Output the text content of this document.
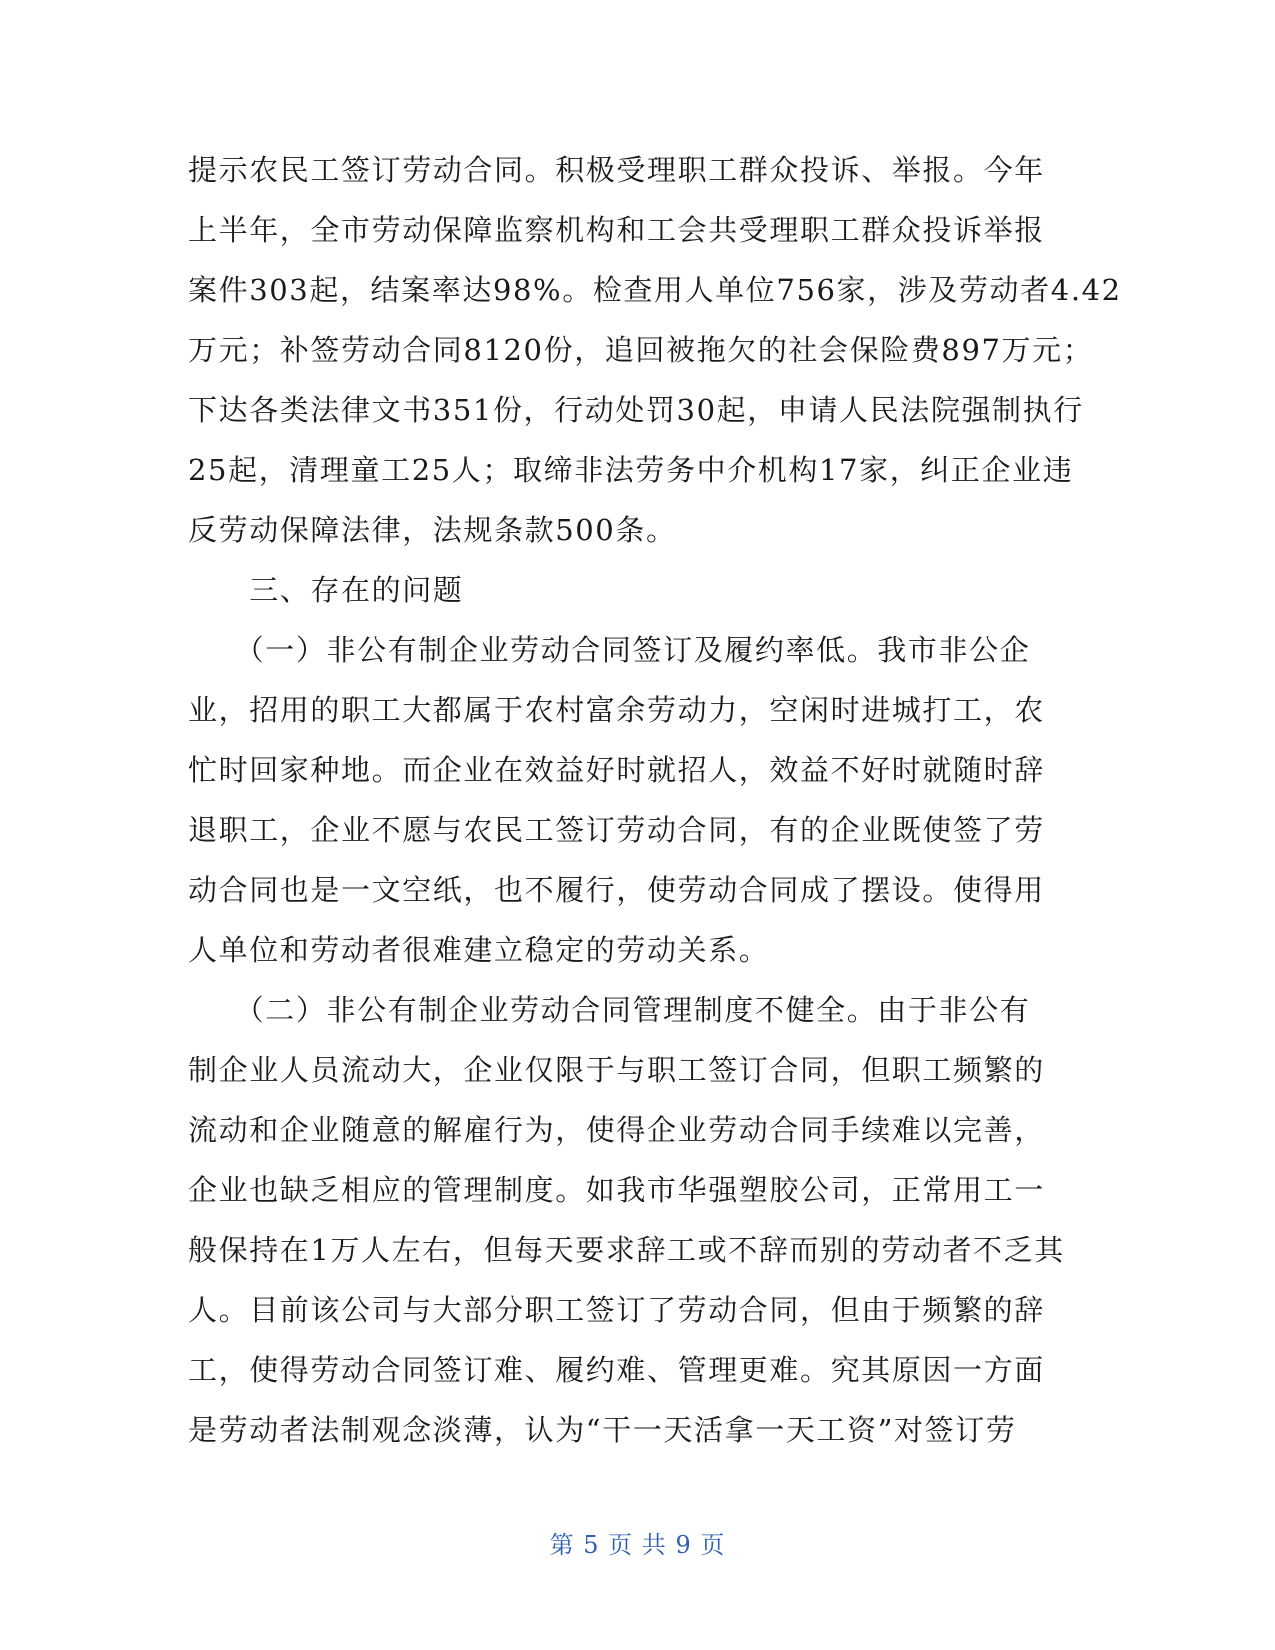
提示农民工签订劳动合同。积极受理职工群众投诉、举报。今年
上半年，全市劳动保障监察机构和工会共受理职工群众投诉举报
案件303起，结案率达98%。检查用人单位756家，涉及劳动者4.42
万元；补签劳动合同8120份，追回被拖欠的社会保险费897万元；
下达各类法律文书351份，行动处罚30起，申请人民法院强制执行
25起，清理童工25人；取缔非法劳务中介机构17家，纠正企业违
反劳动保障法律，法规条款500条。
　　三、存在的问题
　　（一）非公有制企业劳动合同签订及履约率低。我市非公企
业，招用的职工大都属于农村富余劳动力，空闲时进城打工，农
忙时回家种地。而企业在效益好时就招人，效益不好时就随时辞
退职工，企业不愿与农民工签订劳动合同，有的企业既使签了劳
动合同也是一文空纸，也不履行，使劳动合同成了摆设。使得用
人单位和劳动者很难建立稳定的劳动关系。
　　（二）非公有制企业劳动合同管理制度不健全。由于非公有
制企业人员流动大，企业仅限于与职工签订合同，但职工频繁的
流动和企业随意的解雇行为，使得企业劳动合同手续难以完善，
企业也缺乏相应的管理制度。如我市华强塑胶公司，正常用工一
般保持在1万人左右，但每天要求辞工或不辞而别的劳动者不乏其
人。目前该公司与大部分职工签订了劳动合同，但由于频繁的辞
工，使得劳动合同签订难、履约难、管理更难。究其原因一方面
是劳动者法制观念淡薄，认为“干一天活拿一天工资”对签订劳
第 5 页 共 9 页
